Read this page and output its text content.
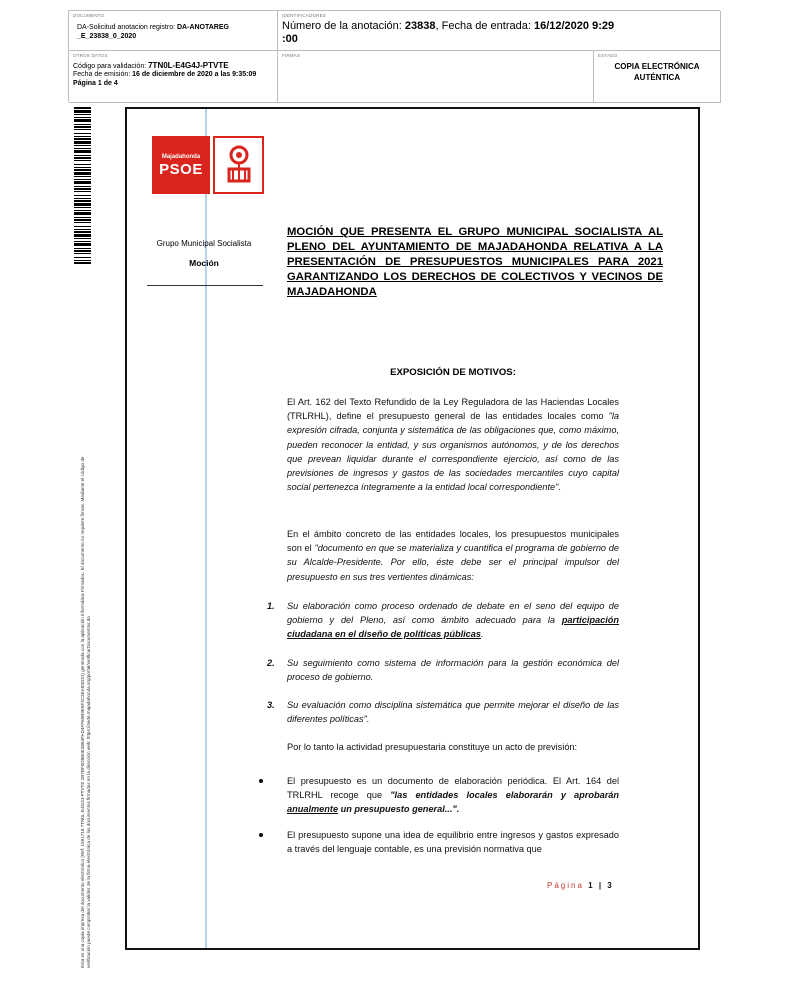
DOCUMENTO
DA-Solicitud anotacion registro: DA-ANOTAREG
_E_23838_0_2020
IDENTIFICADORES
Número de la anotación: 23838, Fecha de entrada: 16/12/2020 9:29
:00
OTROS DATOS
Código para validación: 7TN0L-E4G4J-PTVTE
Fecha de emisión: 16 de diciembre de 2020 a las 9:35:09
Página 1 de 4
FIRMAS	ESTADO
COPIA ELECTRÓNICA
AUTÉNTICA
Esta es una copia impresa del documento electrónico (Ref: 1591718 7TN0L-E4G4J-PTVTE 2B7BF0D8B0E3864FAD4FF60B9E6F4C3EA83D31) generada con la aplicación informática Firmadoc. El documento no requiere firmas. Mediante el código de verificación puede comprobar la validez de la firma electrónica de los documentos firmados en la dirección web: https://sede.majadahonda.org/portal/verificarDocumentos.do
Majadahonda
PSOE
Grupo Municipal Socialista
Moción
MOCIÓN QUE PRESENTA EL GRUPO MUNICIPAL SOCIALISTA AL PLENO DEL AYUNTAMIENTO DE MAJADAHONDA RELATIVA A LA PRESENTACIÓN DE PRESUPUESTOS MUNICIPALES PARA 2021 GARANTIZANDO LOS DERECHOS DE COLECTIVOS Y VECINOS DE MAJADAHONDA
EXPOSICIÓN DE MOTIVOS:
El Art. 162 del Texto Refundido de la Ley Reguladora de las Haciendas Locales (TRLRHL), define el presupuesto general de las entidades locales como "la expresión cifrada, conjunta y sistemática de las obligaciones que, como máximo, pueden reconocer la entidad, y sus organismos autónomos, y de los derechos que prevean liquidar durante el correspondiente ejercicio, así como de las previsiones de ingresos y gastos de las sociedades mercantiles cuyo capital social pertenezca íntegramente a la entidad local correspondiente".
En el ámbito concreto de las entidades locales, los presupuestos municipales son el "documento en que se materializa y cuantifica el programa de gobierno de su Alcalde-Presidente. Por ello, éste debe ser el principal impulsor del presupuesto en sus tres vertientes dinámicas:
1. Su elaboración como proceso ordenado de debate en el seno del equipo de gobierno y del Pleno, así como ámbito adecuado para la participación ciudadana en el diseño de políticas públicas.
2. Su seguimiento como sistema de información para la gestión económica del proceso de gobierno.
3. Su evaluación como disciplina sistemática que permite mejorar el diseño de las diferentes políticas".
Por lo tanto la actividad presupuestaria constituye un acto de previsión:
El presupuesto es un documento de elaboración periódica. El Art. 164 del TRLRHL recoge que "las entidades locales elaborarán y aprobarán anualmente un presupuesto general...".
El presupuesto supone una idea de equilibrio entre ingresos y gastos expresado a través del lenguaje contable, es una previsión normativa que
Página 1 | 3
